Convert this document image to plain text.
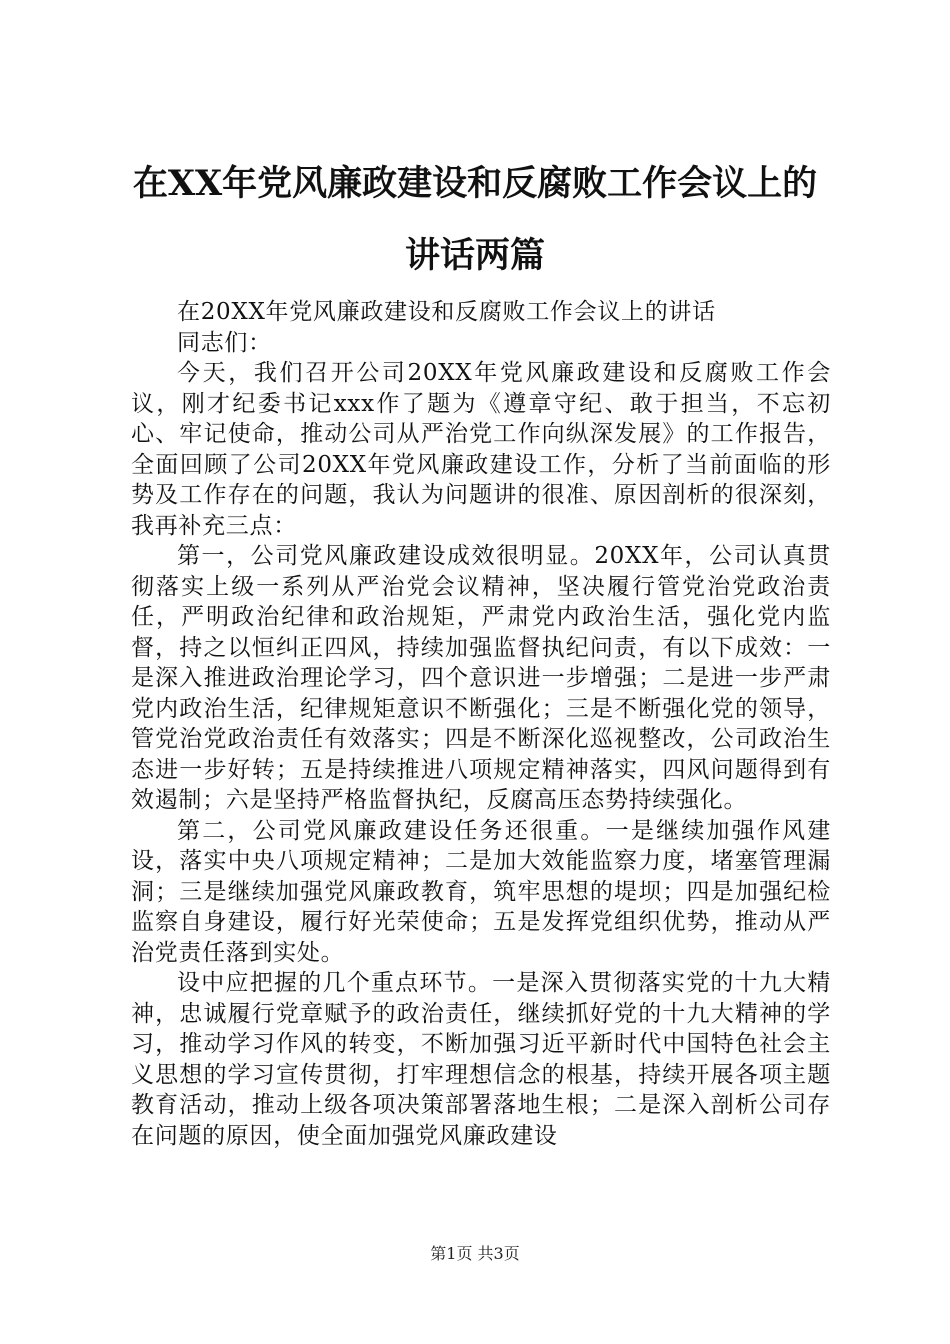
在XX年党风廉政建设和反腐败工作会议上的
讲话两篇

在20XX年党风廉政建设和反腐败工作会议上的讲话

同志们：

今天，我们召开公司20XX年党风廉政建设和反腐败工作会议，刚才纪委书记xxx作了题为《遵章守纪、敢于担当，不忘初心、牢记使命，推动公司从严治党工作向纵深发展》的工作报告，全面回顾了公司20XX年党风廉政建设工作，分析了当前面临的形势及工作存在的问题，我认为问题讲的很准、原因剖析的很深刻，我再补充三点：

第一，公司党风廉政建设成效很明显。20XX年，公司认真贯彻落实上级一系列从严治党会议精神，坚决履行管党治党政治责任，严明政治纪律和政治规矩，严肃党内政治生活，强化党内监督，持之以恒纠正四风，持续加强监督执纪问责，有以下成效：一是深入推进政治理论学习，四个意识进一步增强；二是进一步严肃党内政治生活，纪律规矩意识不断强化；三是不断强化党的领导，管党治党政治责任有效落实；四是不断深化巡视整改，公司政治生态进一步好转；五是持续推进八项规定精神落实，四风问题得到有效遏制；六是坚持严格监督执纪，反腐高压态势持续强化。

第二，公司党风廉政建设任务还很重。一是继续加强作风建设，落实中央八项规定精神；二是加大效能监察力度，堵塞管理漏洞；三是继续加强党风廉政教育，筑牢思想的堤坝；四是加强纪检监察自身建设，履行好光荣使命；五是发挥党组织优势，推动从严治党责任落到实处。

设中应把握的几个重点环节。一是深入贯彻落实党的十九大精神，忠诚履行党章赋予的政治责任，继续抓好党的十九大精神的学习，推动学习作风的转变，不断加强习近平新时代中国特色社会主义思想的学习宣传贯彻，打牢理想信念的根基，持续开展各项主题教育活动，推动上级各项决策部署落地生根；二是深入剖析公司存在问题的原因，使全面加强党风廉政建设

第1页 共3页
